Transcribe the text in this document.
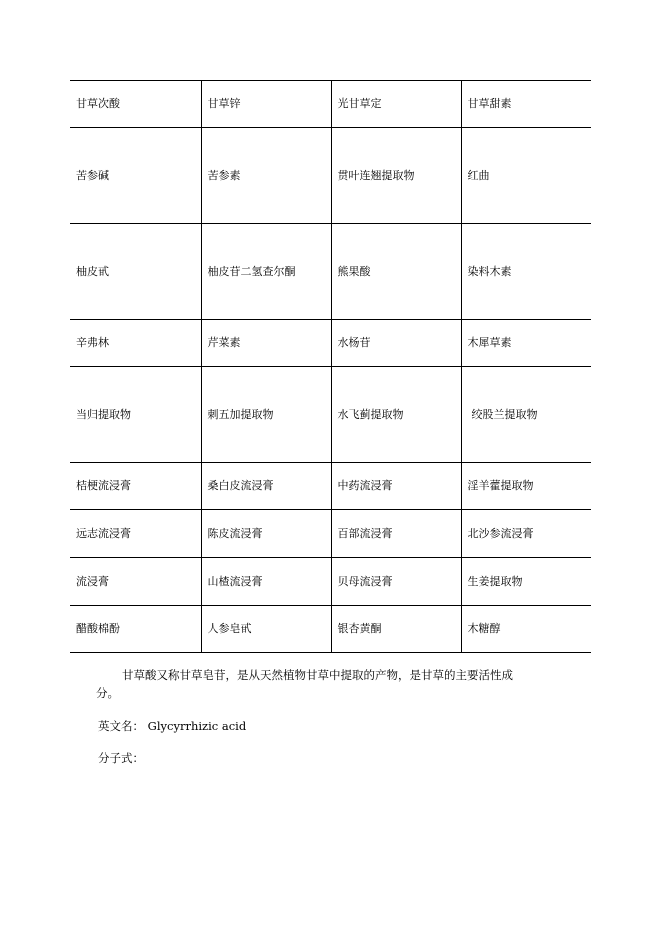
甘草次酸	甘草锌	光甘草定	甘草甜素
苦参碱	苦参素	贯叶连翘提取物	红曲
柚皮甙	柚皮苷二氢查尔酮	熊果酸	染料木素
辛弗林	芹菜素	水杨苷	木犀草素
当归提取物	刺五加提取物	水飞蓟提取物	绞股兰提取物
桔梗流浸膏	桑白皮流浸膏	中药流浸膏	淫羊藿提取物
远志流浸膏	陈皮流浸膏	百部流浸膏	北沙参流浸膏
流浸膏	山楂流浸膏	贝母流浸膏	生姜提取物
醋酸棉酚	人参皂甙	银杏黄酮	木糖醇

甘草酸又称甘草皂苷，是从天然植物甘草中提取的产物，是甘草的主要活性成
分。

英文名： Glycyrrhizic acid

分子式：
